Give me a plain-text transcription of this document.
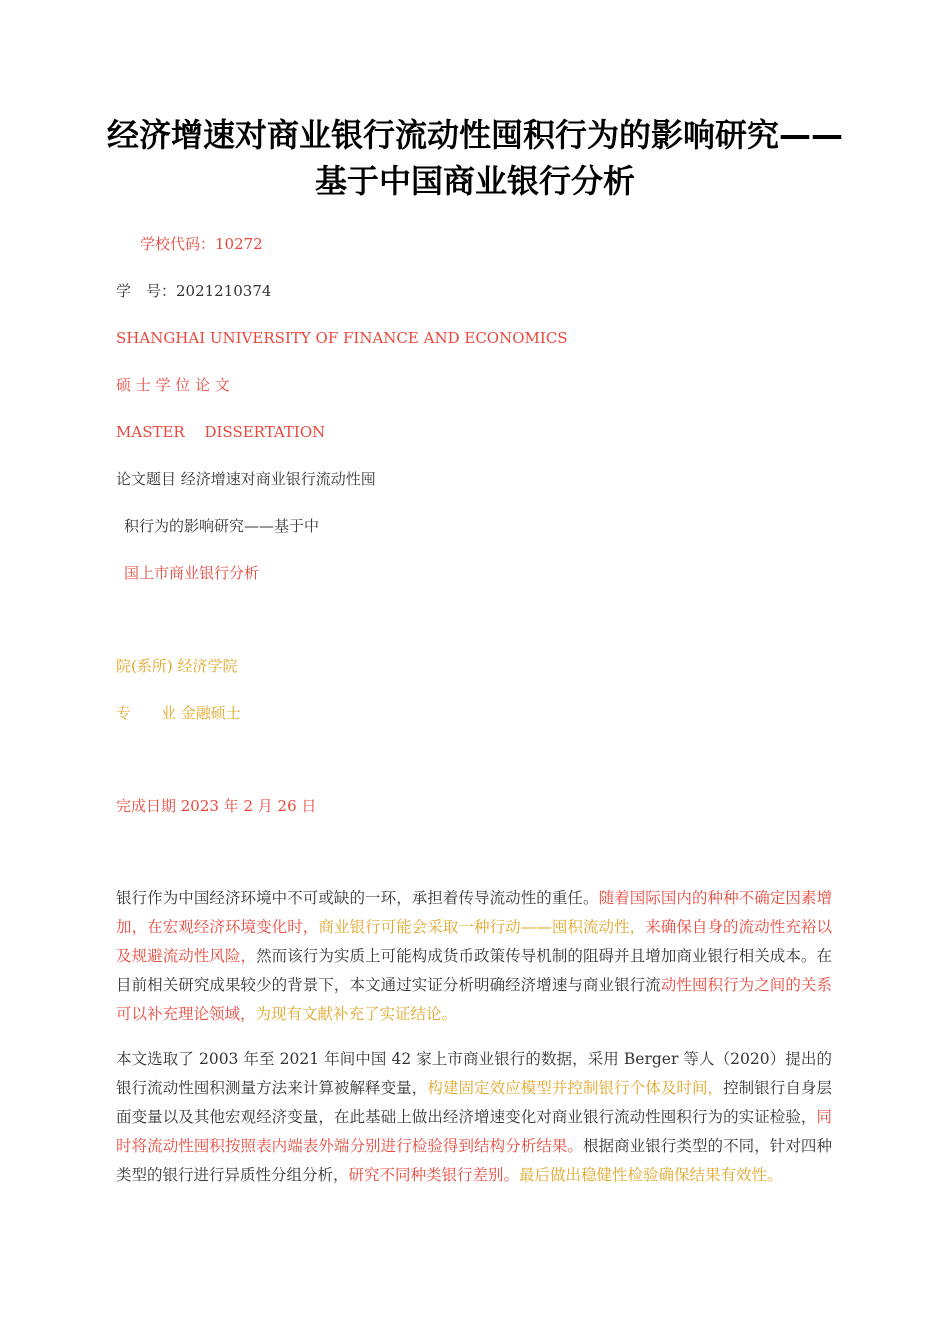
经济增速对商业银行流动性囤积行为的影响研究——基于中国商业银行分析
学校代码：10272
学　号：2021210374
SHANGHAI UNIVERSITY OF FINANCE AND ECONOMICS
硕 士 学 位 论 文
MASTER　 DISSERTATION
论文题目 经济增速对商业银行流动性囤
积行为的影响研究——基于中
国上市商业银行分析
院(系所) 经济学院
专　　业 金融硕士
完成日期 2023 年 2 月 26 日

银行作为中国经济环境中不可或缺的一环，承担着传导流动性的重任。随着国际国内的种种不确定因素增加，在宏观经济环境变化时，商业银行可能会采取一种行动——囤积流动性，来确保自身的流动性充裕以及规避流动性风险，然而该行为实质上可能构成货币政策传导机制的阻碍并且增加商业银行相关成本。在目前相关研究成果较少的背景下，本文通过实证分析明确经济增速与商业银行流动性囤积行为之间的关系可以补充理论领域，为现有文献补充了实证结论。

本文选取了 2003 年至 2021 年间中国 42 家上市商业银行的数据，采用 Berger 等人（2020）提出的银行流动性囤积测量方法来计算被解释变量，构建固定效应模型并控制银行个体及时间，控制银行自身层面变量以及其他宏观经济变量，在此基础上做出经济增速变化对商业银行流动性囤积行为的实证检验，同时将流动性囤积按照表内端表外端分别进行检验得到结构分析结果。根据商业银行类型的不同，针对四种类型的银行进行异质性分组分析，研究不同种类银行差别。最后做出稳健性检验确保结果有效性。
